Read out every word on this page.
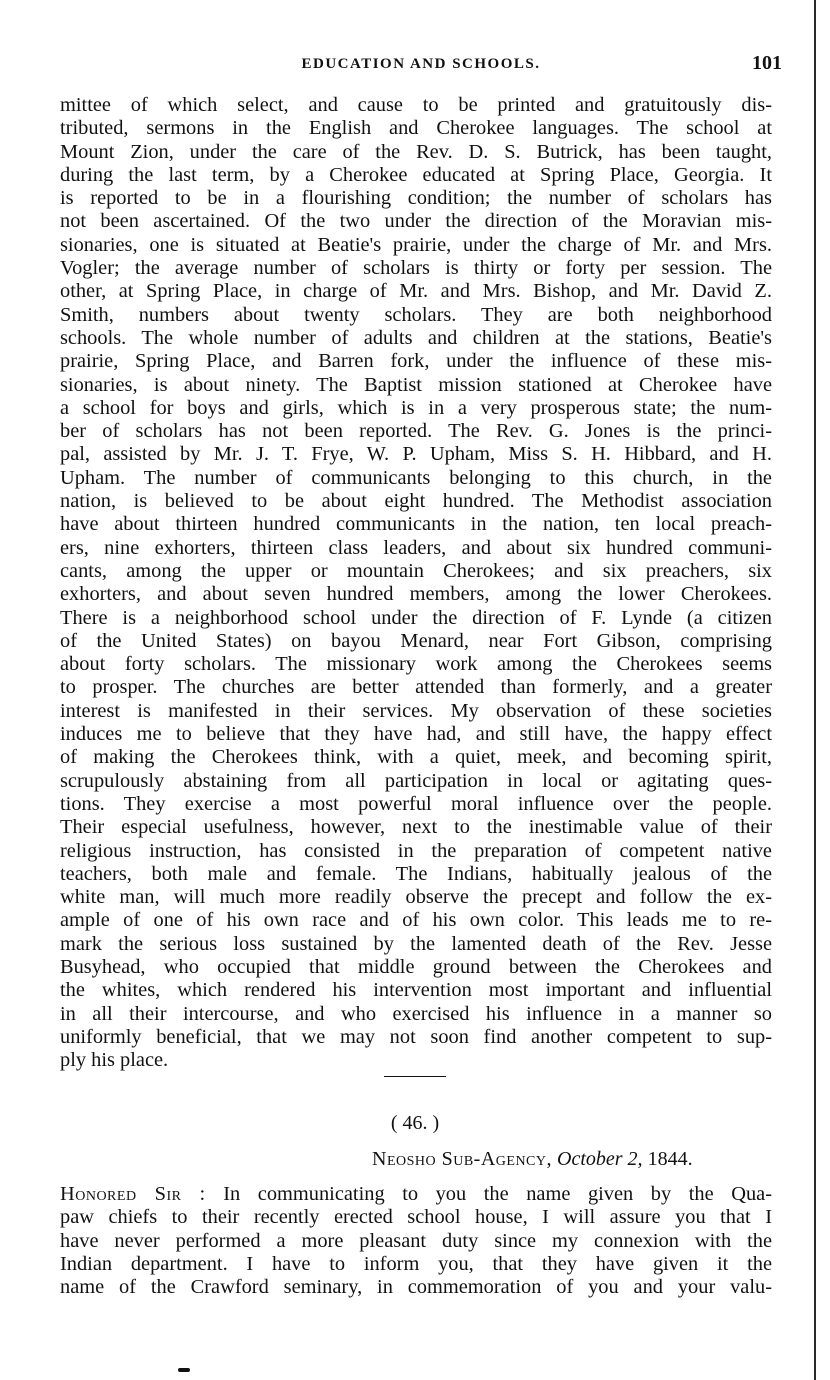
EDUCATION AND SCHOOLS.	101
mittee of which select, and cause to be printed and gratuitously dis-
tributed, sermons in the English and Cherokee languages. The school at
Mount Zion, under the care of the Rev. D. S. Butrick, has been taught,
during the last term, by a Cherokee educated at Spring Place, Georgia. It
is reported to be in a flourishing condition; the number of scholars has
not been ascertained. Of the two under the direction of the Moravian mis-
sionaries, one is situated at Beatie's prairie, under the charge of Mr. and Mrs.
Vogler; the average number of scholars is thirty or forty per session. The
other, at Spring Place, in charge of Mr. and Mrs. Bishop, and Mr. David Z.
Smith, numbers about twenty scholars. They are both neighborhood
schools. The whole number of adults and children at the stations, Beatie's
prairie, Spring Place, and Barren fork, under the influence of these mis-
sionaries, is about ninety. The Baptist mission stationed at Cherokee have
a school for boys and girls, which is in a very prosperous state; the num-
ber of scholars has not been reported. The Rev. G. Jones is the princi-
pal, assisted by Mr. J. T. Frye, W. P. Upham, Miss S. H. Hibbard, and H.
Upham. The number of communicants belonging to this church, in the
nation, is believed to be about eight hundred. The Methodist association
have about thirteen hundred communicants in the nation, ten local preach-
ers, nine exhorters, thirteen class leaders, and about six hundred communi-
cants, among the upper or mountain Cherokees; and six preachers, six
exhorters, and about seven hundred members, among the lower Cherokees.
There is a neighborhood school under the direction of F. Lynde (a citizen
of the United States) on bayou Menard, near Fort Gibson, comprising
about forty scholars. The missionary work among the Cherokees seems
to prosper. The churches are better attended than formerly, and a greater
interest is manifested in their services. My observation of these societies
induces me to believe that they have had, and still have, the happy effect
of making the Cherokees think, with a quiet, meek, and becoming spirit,
scrupulously abstaining from all participation in local or agitating ques-
tions. They exercise a most powerful moral influence over the people.
Their especial usefulness, however, next to the inestimable value of their
religious instruction, has consisted in the preparation of competent native
teachers, both male and female. The Indians, habitually jealous of the
white man, will much more readily observe the precept and follow the ex-
ample of one of his own race and of his own color. This leads me to re-
mark the serious loss sustained by the lamented death of the Rev. Jesse
Busyhead, who occupied that middle ground between the Cherokees and
the whites, which rendered his intervention most important and influential
in all their intercourse, and who exercised his influence in a manner so
uniformly beneficial, that we may not soon find another competent to sup-
ply his place.
( 46. )
Neosho Sub-Agency, October 2, 1844.
Honored Sir : In communicating to you the name given by the Qua-
paw chiefs to their recently erected school house, I will assure you that I
have never performed a more pleasant duty since my connexion with the
Indian department. I have to inform you, that they have given it the
name of the Crawford seminary, in commemoration of you and your valu-
